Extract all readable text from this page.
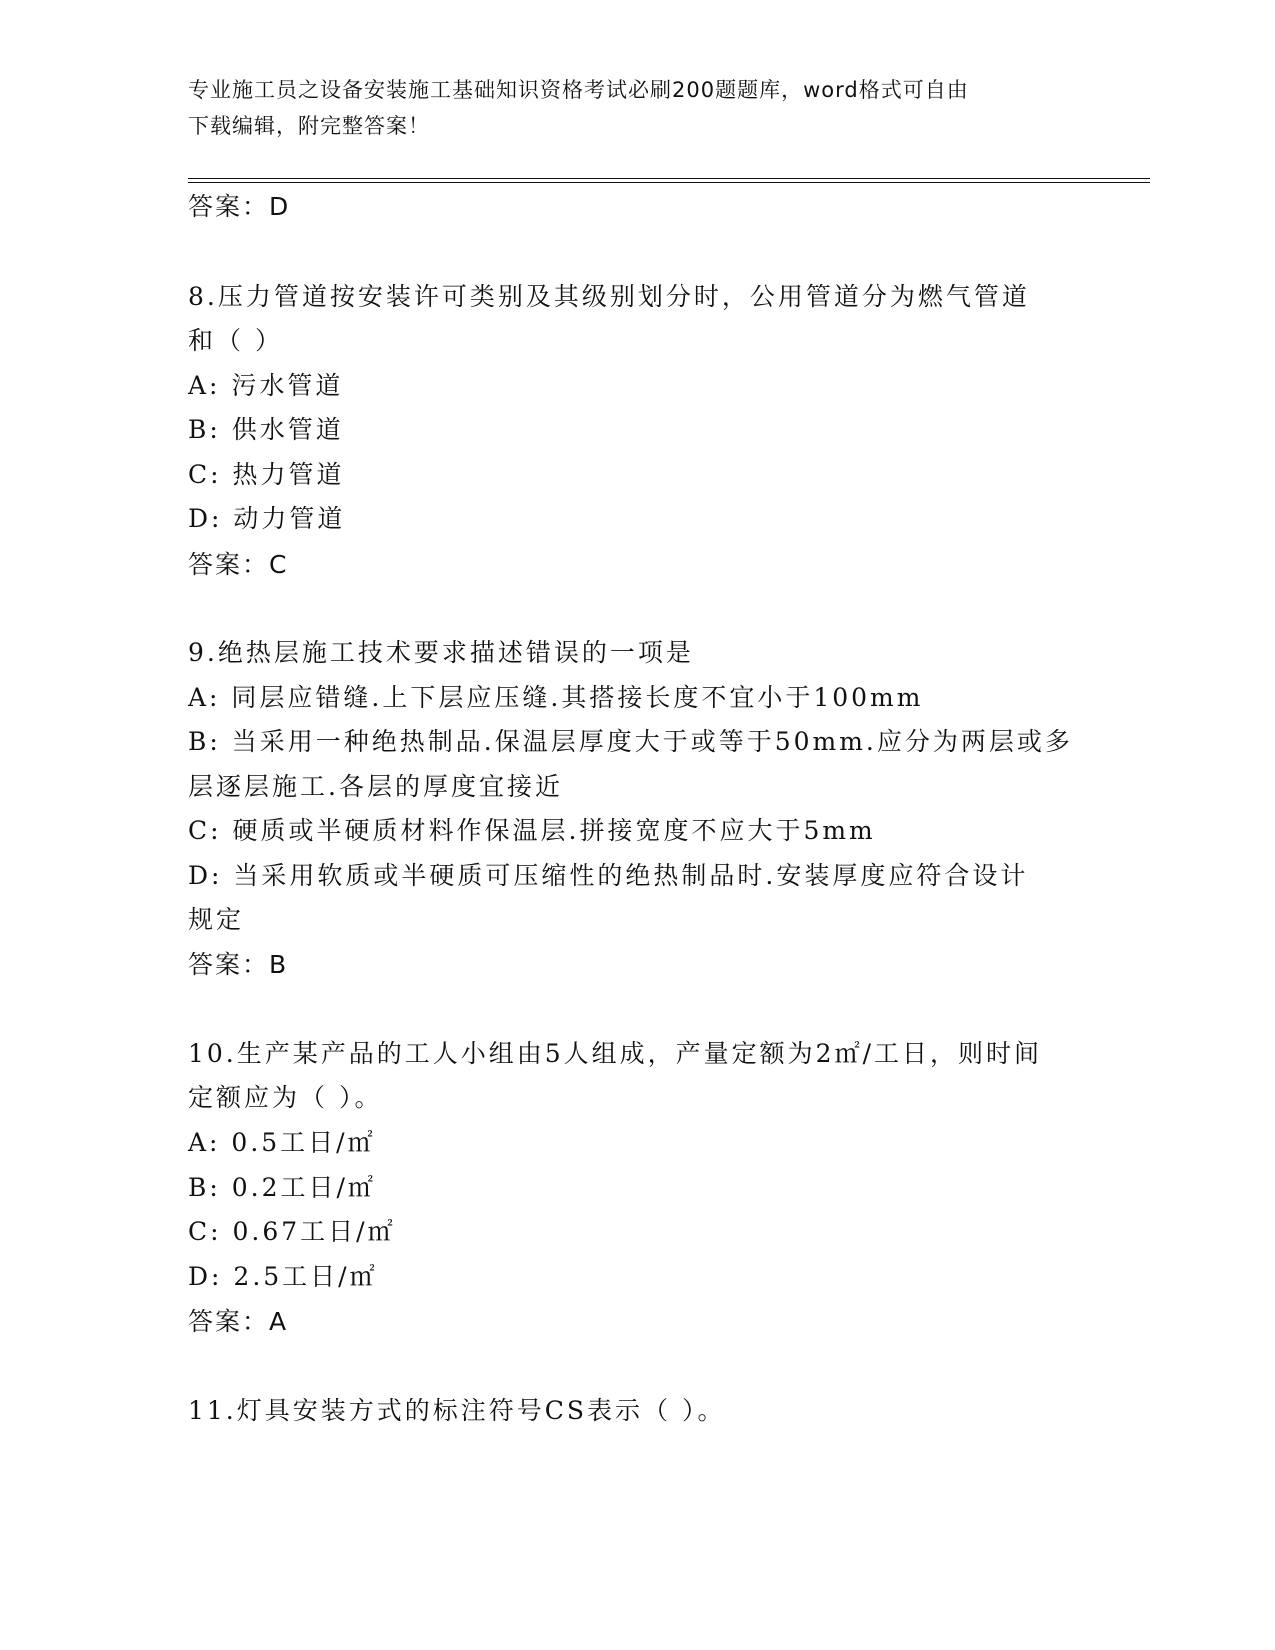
专业施工员之设备安装施工基础知识资格考试必刷200题题库，word格式可自由
下载编辑，附完整答案！
答案：D
8.压力管道按安装许可类别及其级别划分时，公用管道分为燃气管道
和（ ）
A: 污水管道
B: 供水管道
C: 热力管道
D: 动力管道
答案：C
9.绝热层施工技术要求描述错误的一项是
A: 同层应错缝.上下层应压缝.其搭接长度不宜小于100mm
B: 当采用一种绝热制品.保温层厚度大于或等于50mm.应分为两层或多
层逐层施工.各层的厚度宜接近
C: 硬质或半硬质材料作保温层.拼接宽度不应大于5mm
D: 当采用软质或半硬质可压缩性的绝热制品时.安装厚度应符合设计
规定
答案：B
10.生产某产品的工人小组由5人组成，产量定额为2㎡/工日，则时间
定额应为（ ）。
A: 0.5工日/㎡
B: 0.2工日/㎡
C: 0.67工日/㎡
D: 2.5工日/㎡
答案：A
11.灯具安装方式的标注符号CS表示（ ）。
